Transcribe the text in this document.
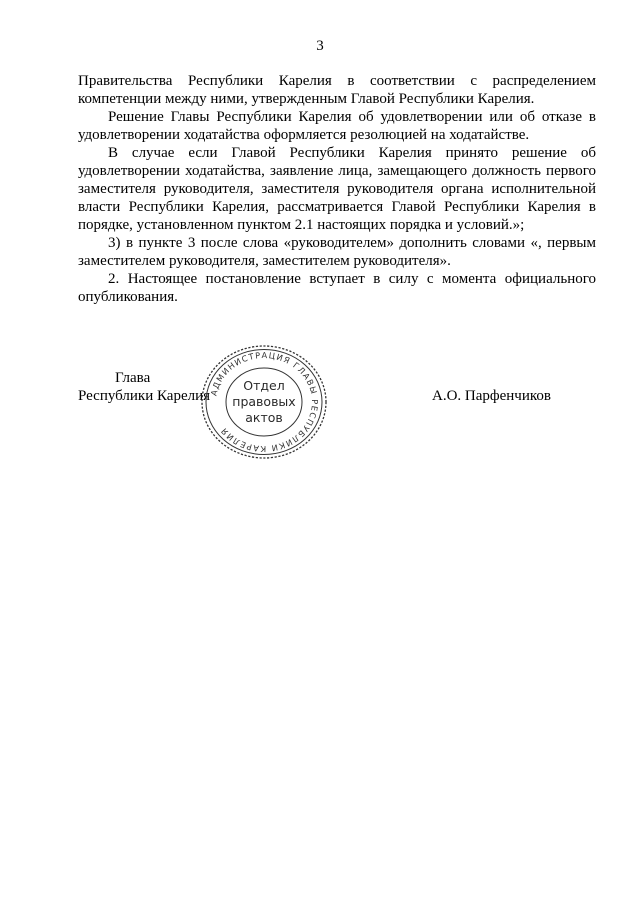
3

Правительства Республики Карелия в соответствии с распределением компетенции между ними, утвержденным Главой Республики Карелия.

Решение Главы Республики Карелия об удовлетворении или об отказе в удовлетворении ходатайства оформляется резолюцией на ходатайстве.

В случае если Главой Республики Карелия принято решение об удовлетворении ходатайства, заявление лица, замещающего должность первого заместителя руководителя, заместителя руководителя органа исполнительной власти Республики Карелия, рассматривается Главой Республики Карелия в порядке, установленном пунктом 2.1 настоящих порядка и условий.»;

3) в пункте 3 после слова «руководителем» дополнить словами «, первым заместителем руководителя, заместителем руководителя».

2. Настоящее постановление вступает в силу с момента официального опубликования.

Глава
Республики Карелия
АДМИНИСТРАЦИЯ ГЛАВЫ РЕСПУБЛИКИ КАРЕЛИЯ
Отдел
правовых
актов
А.О. Парфенчиков
